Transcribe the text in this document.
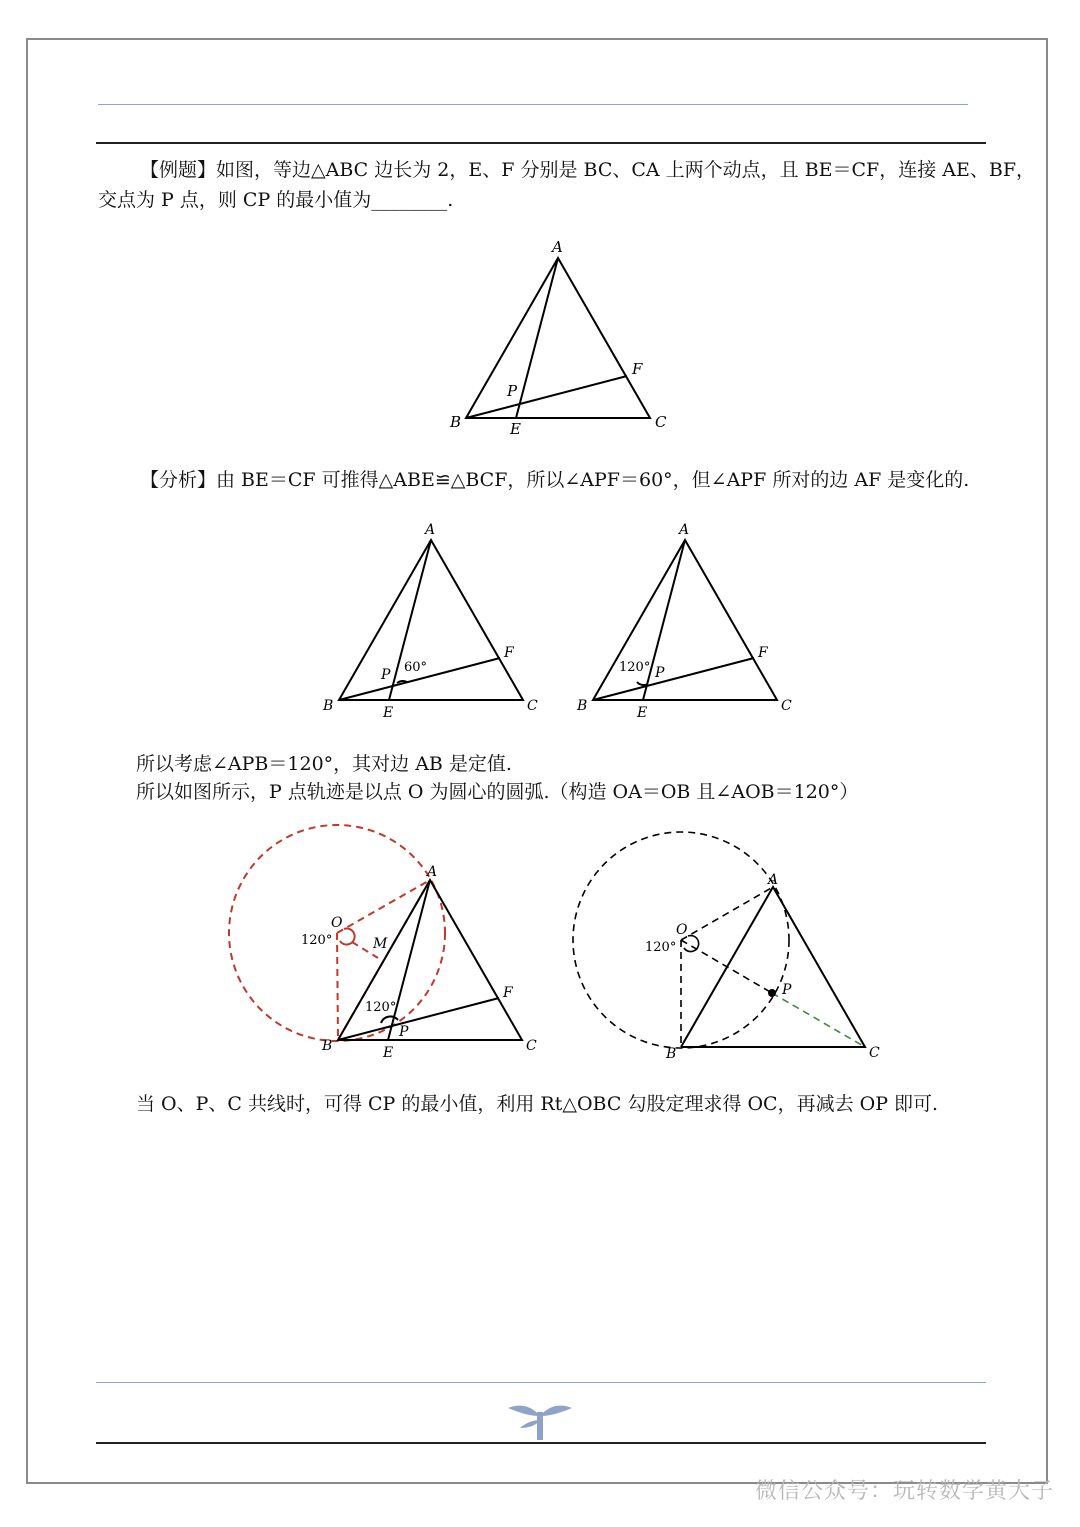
【例题】如图，等边△ABC 边长为 2，E、F 分别是 BC、CA 上两个动点，且 BE＝CF，连接 AE、BF，
交点为 P 点，则 CP 的最小值为________.
A
B	C
E
F
P
【分析】由 BE＝CF 可推得△ABE≌△BCF，所以∠APF＝60°，但∠APF 所对的边 AF 是变化的.
A
B	C
E
F
P 60°
A
B	C
E
F
P
120°
所以考虑∠APB＝120°，其对边 AB 是定值.
所以如图所示，P 点轨迹是以点 O 为圆心的圆弧.（构造 OA＝OB 且∠AOB＝120°）
A
B	C
E
F
P
O
M
120°
120°
A
B	C
P
O
120°
当 O、P、C 共线时，可得 CP 的最小值，利用 Rt△OBC 勾股定理求得 OC，再减去 OP 即可.
微信公众号：玩转数学黄大子
